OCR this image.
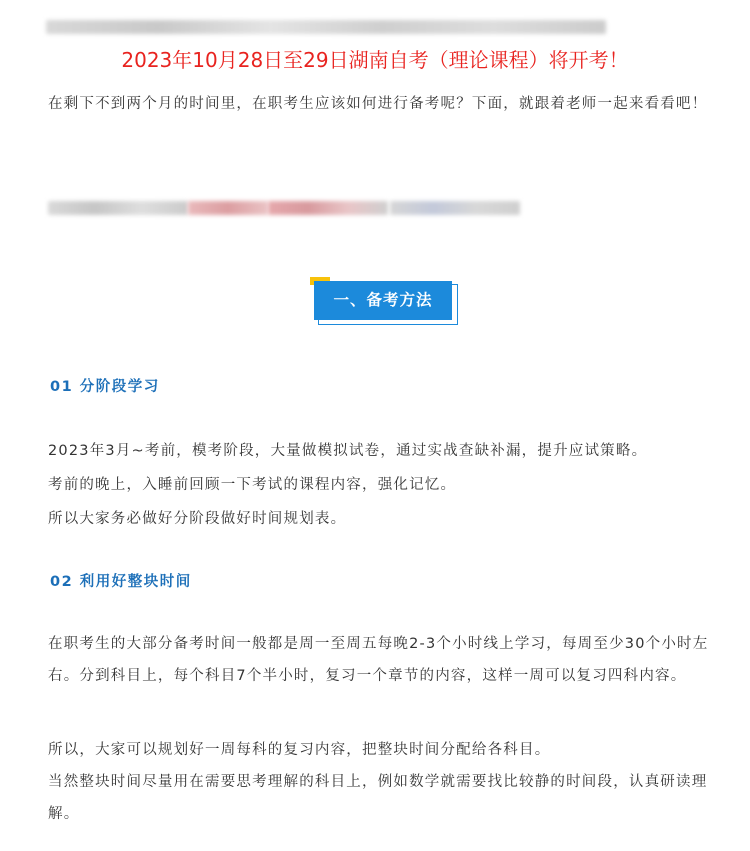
2023年10月28日至29日湖南自考（理论课程）将开考！

在剩下不到两个月的时间里，在职考生应该如何进行备考呢？下面，就跟着老师一起来看看吧！

一、备考方法
01 分阶段学习

2023年3月~考前，模考阶段，大量做模拟试卷，通过实战查缺补漏，提升应试策略。

考前的晚上，入睡前回顾一下考试的课程内容，强化记忆。

所以大家务必做好分阶段做好时间规划表。

02 利用好整块时间

在职考生的大部分备考时间一般都是周一至周五每晚2-3个小时线上学习，每周至少30个小时左右。分到科目上，每个科目7个半小时，复习一个章节的内容，这样一周可以复习四科内容。

所以，大家可以规划好一周每科的复习内容，把整块时间分配给各科目。

当然整块时间尽量用在需要思考理解的科目上，例如数学就需要找比较静的时间段，认真研读理解。
